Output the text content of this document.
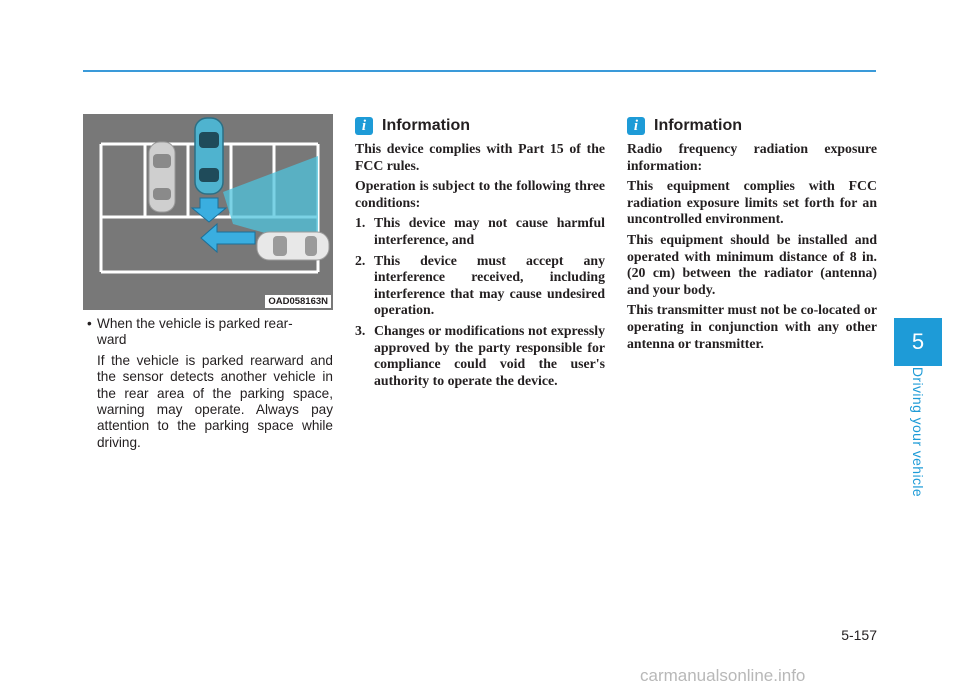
OAD058163N
• When the vehicle is parked rear-
ward
If the vehicle is parked rearward and the sensor detects another vehicle in the rear area of the parking space, warning may operate. Always pay attention to the parking space while driving.
i Information

This device complies with Part 15 of the FCC rules.

Operation is subject to the following three conditions:

1. This device may not cause harmful interference, and
2. This device must accept any interference received, including interference that may cause undesired operation.
3. Changes or modifications not expressly approved by the party responsible for compliance could void the user's authority to operate the device.
i Information

Radio frequency radiation exposure information:

This equipment complies with FCC radiation exposure limits set forth for an uncontrolled environment.

This equipment should be installed and operated with minimum distance of 8 in. (20 cm) between the radiator (antenna) and your body.

This transmitter must not be co-located or operating in conjunction with any other antenna or transmitter.	5
Driving your vehicle
5-157
carmanualsonline.info
